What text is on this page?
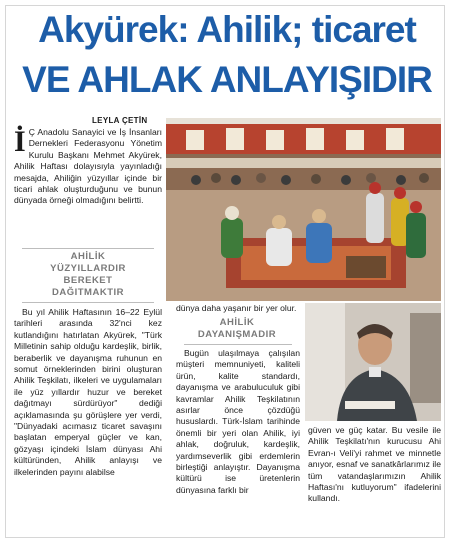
Akyürek: Ahilik; ticaret
VE AHLAK ANLAYIŞIDIR
LEYLA ÇETİN
İ Ç Anadolu Sanayici ve İş İnsanları Dernekleri Federasyonu Yönetim Kurulu Başkanı Mehmet Akyürek, Ahilik Haftası dolayısıyla yayınladığı mesajda, Ahiliğin yüzyıllar içinde bir ticari ahlak oluşturduğunu ve bunun dünyada örneği olmadığını belirtti.
AHİLİK
YÜZYILLARDIR
BEREKET
DAĞITMAKTIR
Bu yıl Ahilik Haftasının 16–22 Eylül tarihleri arasında 32'nci kez kutlandığını hatırlatan Akyürek, "Türk Milletinin sahip olduğu kardeşlik, birlik, beraberlik ve dayanışma ruhunun en somut örneklerinden birini oluşturan Ahilik Teşkilatı, ilkeleri ve uygulamaları ile yüz yıllardır huzur ve bereket dağıtmayı sürdürüyor" dediği açıklamasında şu görüşlere yer verdi, "Dünyadaki acımasız ticaret savaşını başlatan emperyal güçler ve kan, gözyaşı içindeki İslam dünyası Ahi kültüründen, Ahilik anlayışı ve ilkelerinden payını alabilse
dünya daha yaşanır bir yer olur.
AHİLİK
DAYANIŞMADIR
Bugün ulaşılmaya çalışılan müşteri memnuniyeti, kaliteli ürün, kalite standardı, dayanışma ve arabuluculuk gibi kavramlar Ahilik Teşkilatının asırlar önce çözdüğü hususlardı. Türk-İslam tarihinde önemli bir yeri olan Ahilik, iyi ahlak, doğruluk, kardeşlik, yardımseverlik gibi erdemlerin birleştiği anlayıştır. Dayanışma kültürü ise üretenlerin dünyasına farklı bir
güven ve güç katar. Bu vesile ile Ahilik Teşkilatı'nın kurucusu Ahi Evran-ı Veli'yi rahmet ve minnetle anıyor, esnaf ve sanatkârlarımız ile tüm vatandaşlarımızın Ahilik Haftası'nı kutluyorum" ifadelerini kullandı.
